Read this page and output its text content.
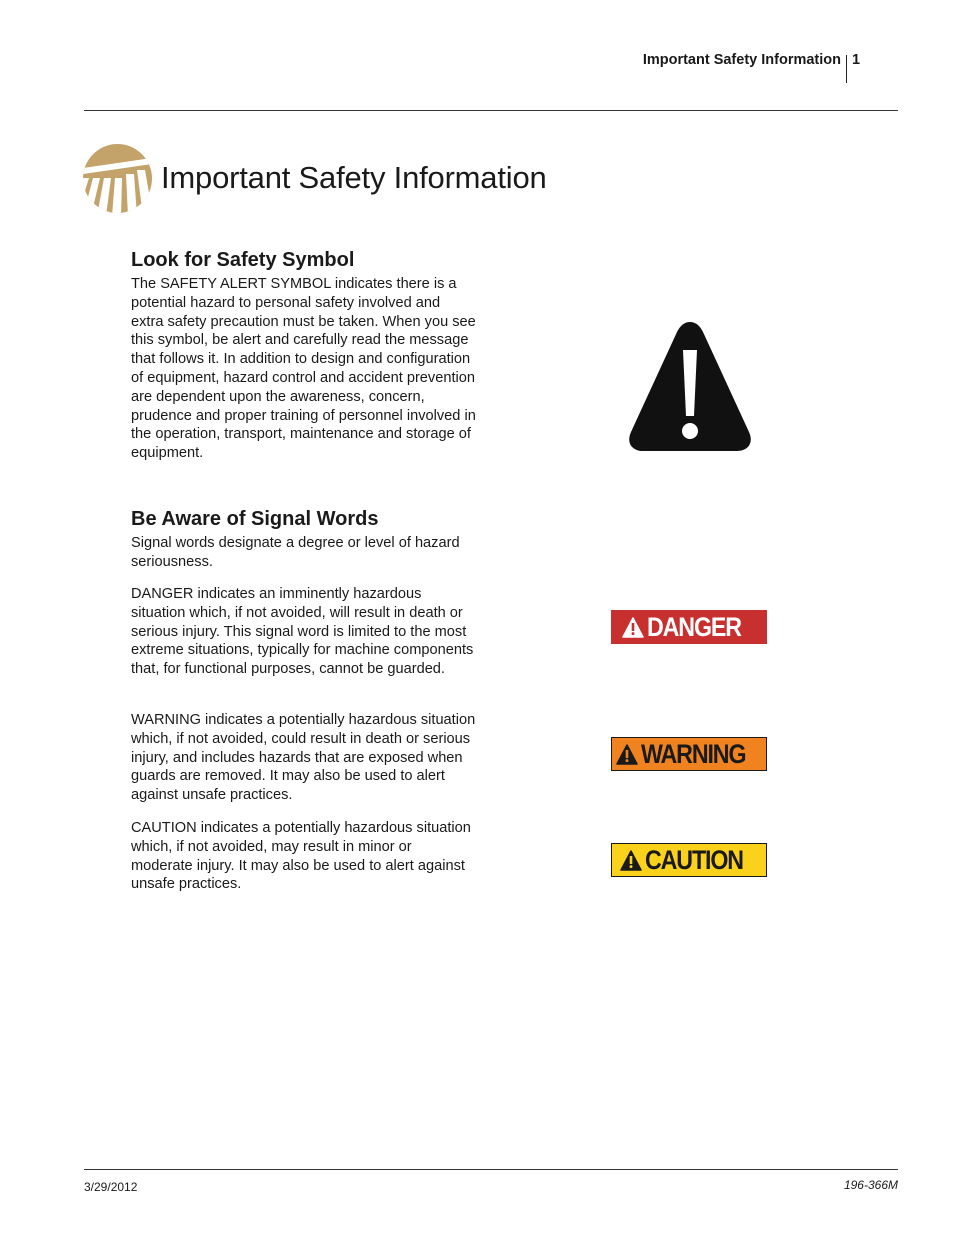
Important Safety Information 1
Important Safety Information
Look for Safety Symbol

The SAFETY ALERT SYMBOL indicates there is a potential hazard to personal safety involved and extra safety precaution must be taken. When you see this symbol, be alert and carefully read the message that follows it. In addition to design and configuration of equipment, hazard control and accident prevention are dependent upon the awareness, concern, prudence and proper training of personnel involved in the operation, transport, maintenance and storage of equipment.

Be Aware of Signal Words

Signal words designate a degree or level of hazard seriousness.

DANGER indicates an imminently hazardous situation which, if not avoided, will result in death or serious injury. This signal word is limited to the most extreme situations, typically for machine components that, for functional purposes, cannot be guarded.

WARNING indicates a potentially hazardous situation which, if not avoided, could result in death or serious injury, and includes hazards that are exposed when guards are removed. It may also be used to alert against unsafe practices.

CAUTION indicates a potentially hazardous situation which, if not avoided, may result in minor or moderate injury. It may also be used to alert against unsafe practices.

DANGER
WARNING
CAUTION
3/29/2012	196-366M
